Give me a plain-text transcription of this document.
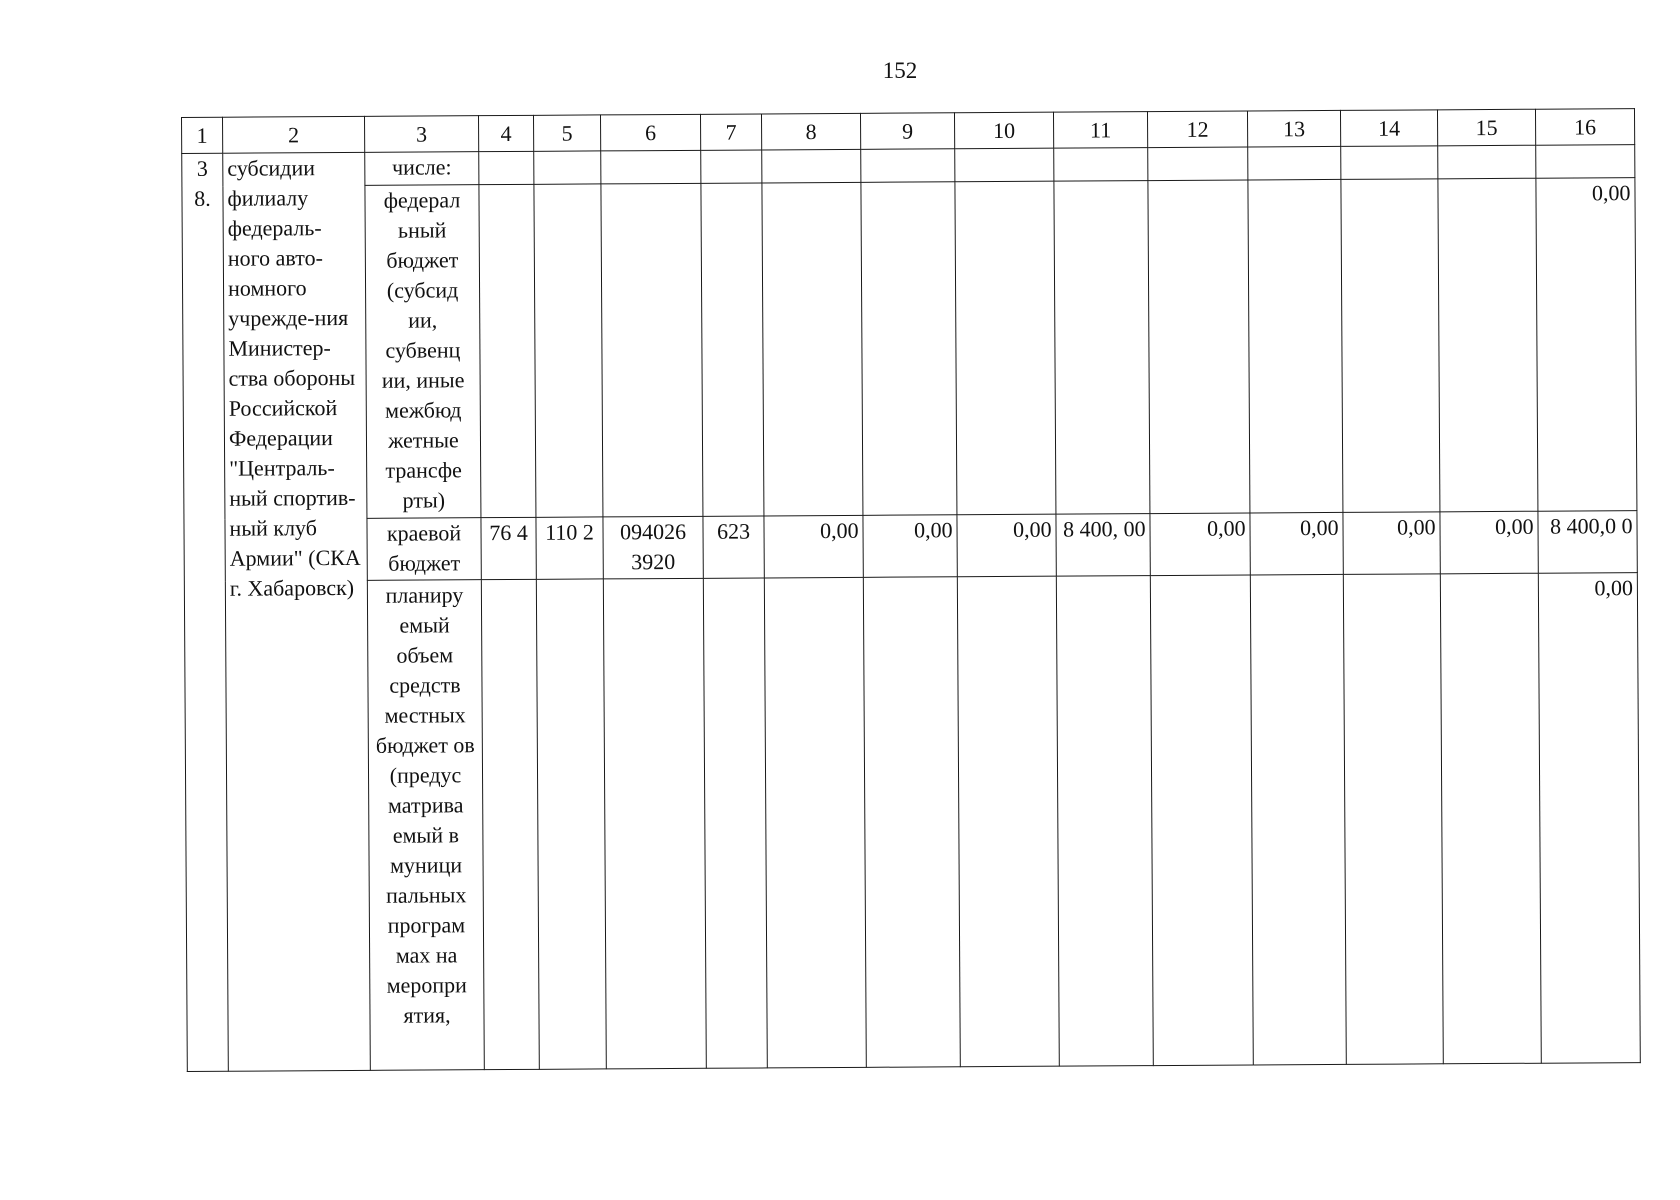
152
1	2	3	4	5	6	7	8	9	10	11	12	13	14	15	16
3 8.	субсидии филиалу федераль-ного авто-номного учрежде-ния Министер-ства обороны Российской Федерации "Централь-ный спортив-ный клуб Армии" (СКА г. Хабаровск)	числе:													
		федерал ьный бюджет (субсид ии, субвенц ии, иные межбюд жетные трансфе рты)													0,00
		краевой бюджет	76 4	110 2	094026 3920	623	0,00	0,00	0,00	8 400, 00	0,00	0,00	0,00	0,00	8 400,0 0
		планиру емый объем средств местных бюджет ов (предус матрива емый в муници пальных програм мах на меропри ятия,													0,00
